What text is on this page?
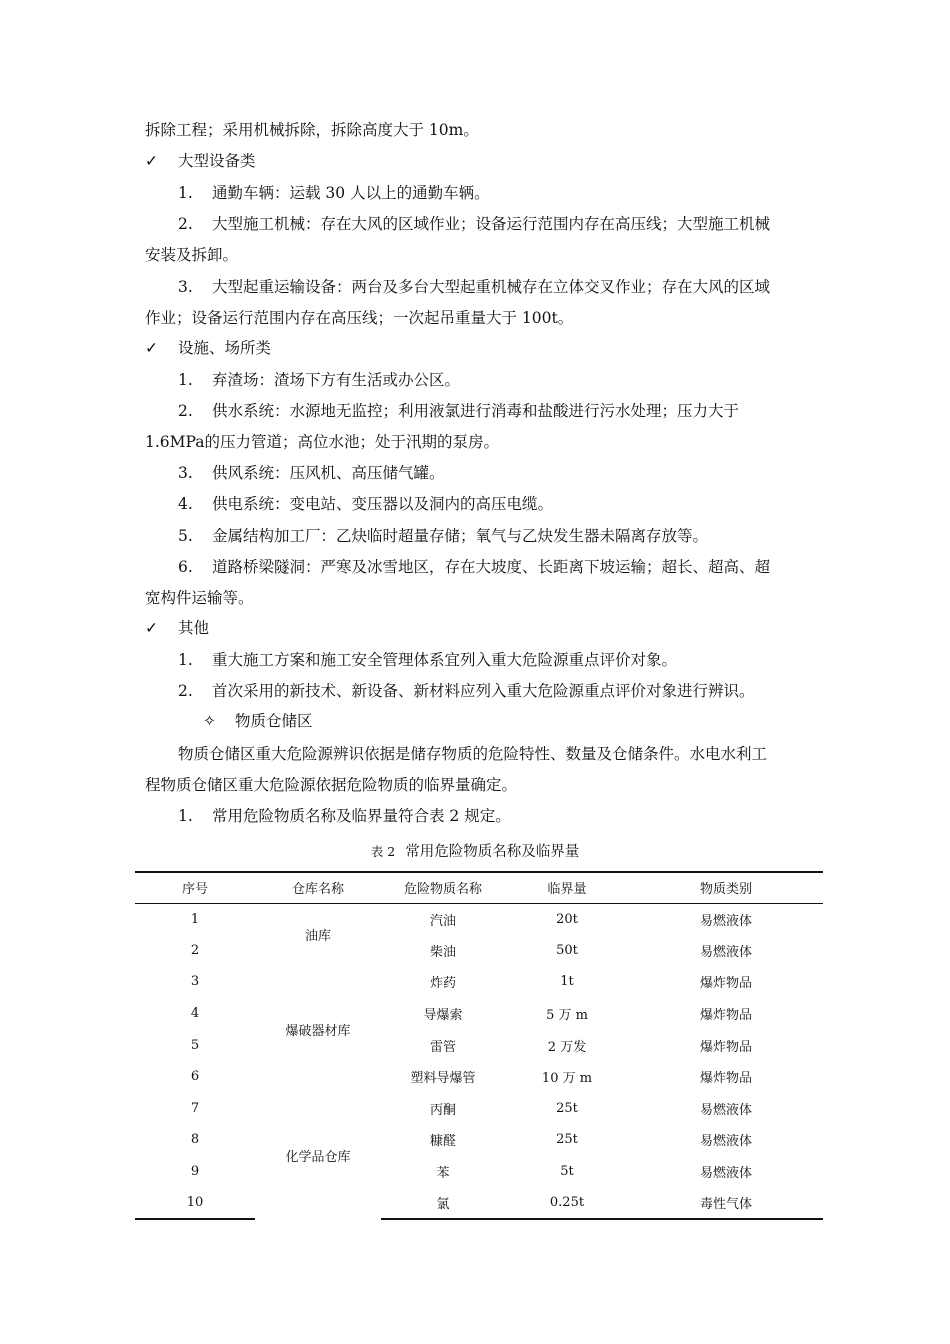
拆除工程；采用机械拆除，拆除高度大于 10m。
✓ 大型设备类
1. 通勤车辆：运载 30 人以上的通勤车辆。
2. 大型施工机械：存在大风的区域作业；设备运行范围内存在高压线；大型施工机械
安装及拆卸。
3. 大型起重运输设备：两台及多台大型起重机械存在立体交叉作业；存在大风的区域
作业；设备运行范围内存在高压线；一次起吊重量大于 100t。
✓ 设施、场所类
1. 弃渣场：渣场下方有生活或办公区。
2. 供水系统：水源地无监控；利用液氯进行消毒和盐酸进行污水处理；压力大于
1.6MPa的压力管道；高位水池；处于汛期的泵房。
3. 供风系统：压风机、高压储气罐。
4. 供电系统：变电站、变压器以及洞内的高压电缆。
5. 金属结构加工厂：乙炔临时超量存储；氧气与乙炔发生器未隔离存放等。
6. 道路桥梁隧洞：严寒及冰雪地区，存在大坡度、长距离下坡运输；超长、超高、超
宽构件运输等。
✓ 其他
1. 重大施工方案和施工安全管理体系宜列入重大危险源重点评价对象。
2. 首次采用的新技术、新设备、新材料应列入重大危险源重点评价对象进行辨识。
✧ 物质仓储区
物质仓储区重大危险源辨识依据是储存物质的危险特性、数量及仓储条件。水电水利工
程物质仓储区重大危险源依据危险物质的临界量确定。
1. 常用危险物质名称及临界量符合表 2 规定。
表 2 常用危险物质名称及临界量
序号	仓库名称	危险物质名称	临界量	物质类别
1	油库	汽油	20t	易燃液体
2		柴油	50t	易燃液体
3	爆破器材库	炸药	1t	爆炸物品
4		导爆索	5 万 m	爆炸物品
5		雷管	2 万发	爆炸物品
6		塑料导爆管	10 万 m	爆炸物品
7	化学品仓库	丙酮	25t	易燃液体
8		糠醛	25t	易燃液体
9		苯	5t	易燃液体
10		氯	0.25t	毒性气体
